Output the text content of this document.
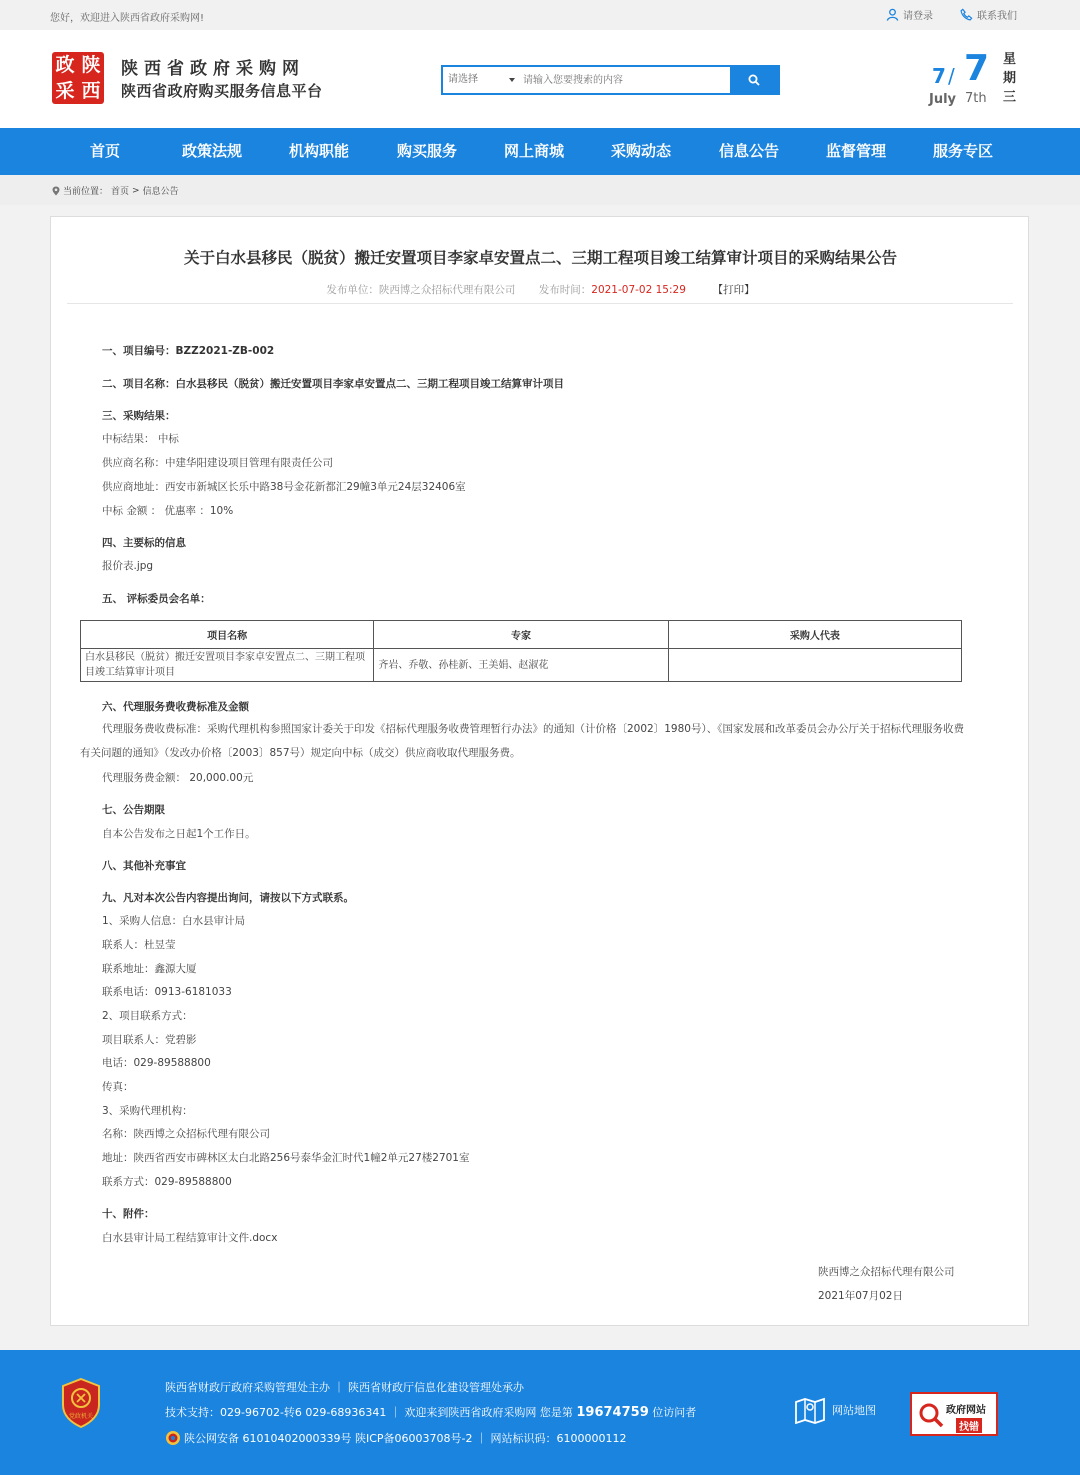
您好，欢迎进入陕西省政府采购网!	请登录	联系我们
政 陕
采 西
陕西省政府采购网
陕西省政府购买服务信息平台
请选择
请输入您要搜索的内容	7 / 7
July 7th
星期三
首页	政策法规	机构职能	购买服务	网上商城	采购动态	信息公告	监督管理	服务专区
当前位置： 首页 > 信息公告
关于白水县移民（脱贫）搬迁安置项目李家卓安置点二、三期工程项目竣工结算审计项目的采购结果公告
发布单位：陕西博之众招标代理有限公司 发布时间：2021-07-02 15:29	【打印】
一、项目编号：BZZ2021-ZB-002
二、项目名称：白水县移民（脱贫）搬迁安置项目李家卓安置点二、三期工程项目竣工结算审计项目
三、采购结果：
中标结果： 中标
供应商名称：中建华阳建设项目管理有限责任公司
供应商地址：西安市新城区长乐中路38号金花新都汇29幢3单元24层32406室
中标 金额 ： 优惠率 ：10%
四、主要标的信息
报价表.jpg
五、 评标委员会名单：
项目名称	专家	采购人代表
白水县移民（脱贫）搬迁安置项目李家卓安置点二、三期工程项目竣工结算审计项目	齐岩、乔敬、孙桂新、王美娟、赵淑花	
六、代理服务费收费标准及金额
代理服务费收费标准：采购代理机构参照国家计委关于印发《招标代理服务收费管理暂行办法》的通知（计价格〔2002〕1980号）、《国家发展和改革委员会办公厅关于招标代理服务收费有关问题的通知》（发改办价格〔2003〕857号）规定向中标（成交）供应商收取代理服务费。
代理服务费金额： 20,000.00元
七、公告期限
自本公告发布之日起1个工作日。
八、其他补充事宜
九、凡对本次公告内容提出询问，请按以下方式联系。
1、采购人信息：白水县审计局
联系人：杜昱莹
联系地址：鑫源大厦
联系电话：0913-6181033
2、项目联系方式：
项目联系人：党碧影
电话：029-89588800
传真：
3、采购代理机构：
名称：陕西博之众招标代理有限公司
地址：陕西省西安市碑林区太白北路256号泰华金汇时代1幢2单元27楼2701室
联系方式：029-89588800
十、附件：
白水县审计局工程结算审计文件.docx
陕西博之众招标代理有限公司
2021年07月02日
党政机关
陕西省财政厅政府采购管理处主办 ｜ 陕西省财政厅信息化建设管理处承办
技术支持：029-96702-转6 029-68936341 ｜ 欢迎来到陕西省政府采购网 您是第 19674759 位访问者
陕公网安备 61010402000339号 陕ICP备06003708号-2 ｜ 网站标识码：6100000112
网站地图	政府网站
找错
